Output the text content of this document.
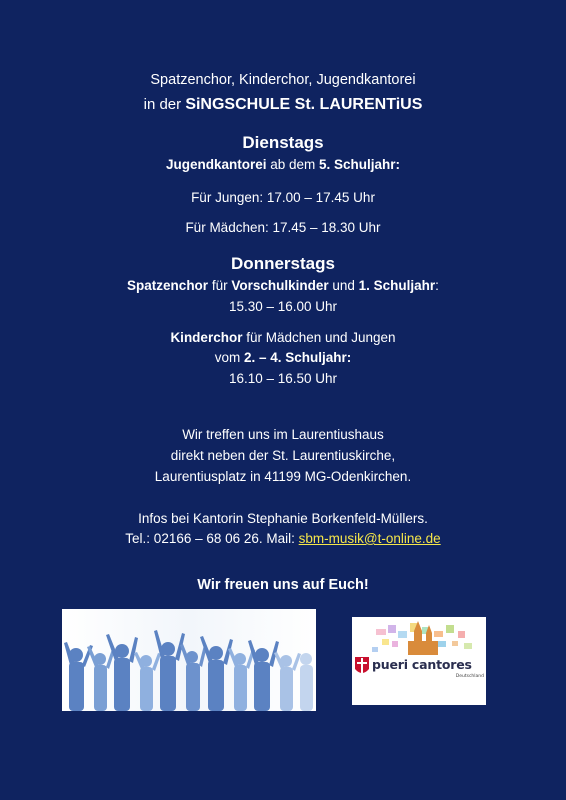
Spatzenchor, Kinderchor, Jugendkantorei
in der SiNGSCHULE St. LAURENTiUS
Dienstags
Jugendkantorei ab dem 5. Schuljahr:
Für Jungen: 17.00 – 17.45 Uhr
Für Mädchen: 17.45 – 18.30 Uhr
Donnerstags
Spatzenchor für Vorschulkinder und 1. Schuljahr:
15.30 – 16.00 Uhr
Kinderchor für Mädchen und Jungen
vom 2. – 4. Schuljahr:
16.10 – 16.50 Uhr
Wir treffen uns im Laurentiushaus
direkt neben der St. Laurentiuskirche,
Laurentiusplatz in 41199 MG-Odenkirchen.
Infos bei Kantorin Stephanie Borkenfeld-Müllers.
Tel.: 02166 – 68 06 26. Mail: sbm-musik@t-online.de
Wir freuen uns auf Euch!
pueri cantores
Deutschland
